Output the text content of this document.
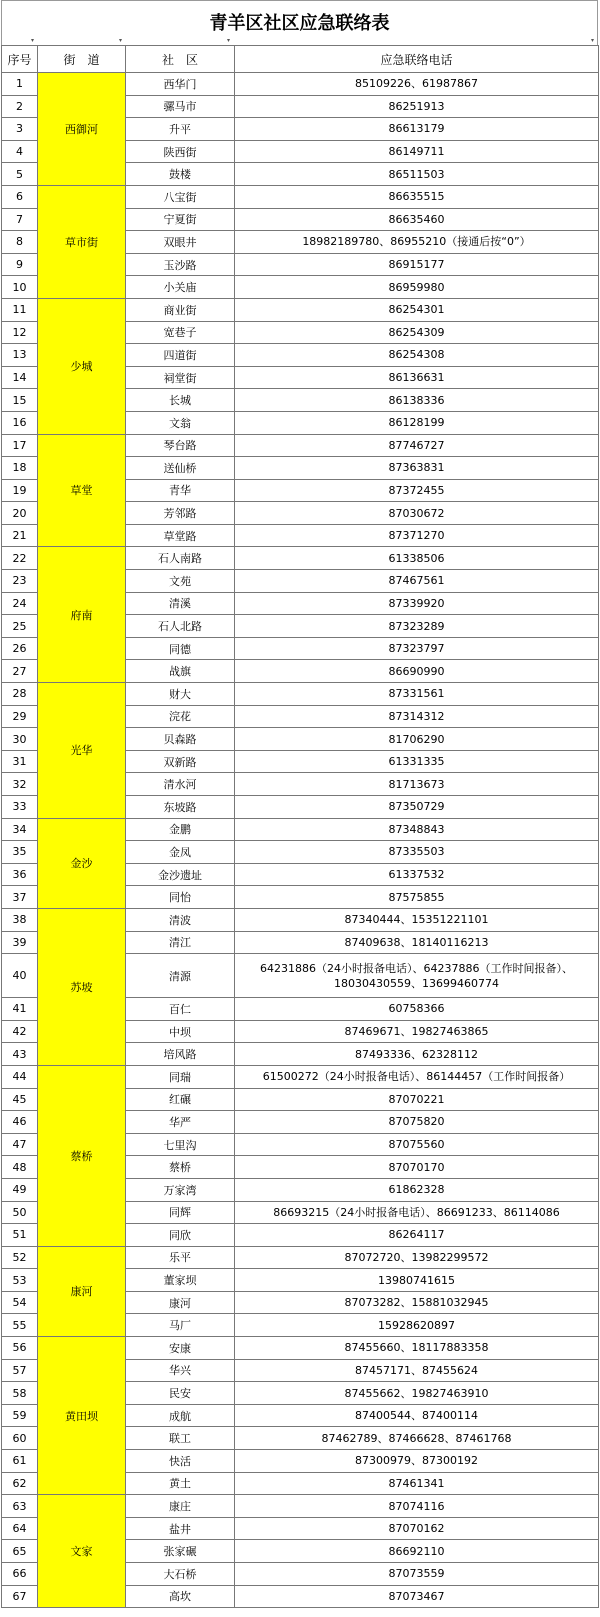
青羊区社区应急联络表
▾	▾	▾	▾
序号	街　道	社　区	应急联络电话
1	西御河	西华门	85109226、61987867
2		骡马市	86251913
3		升平	86613179
4		陕西街	86149711
5		鼓楼	86511503
6	草市街	八宝街	86635515
7		宁夏街	86635460
8		双眼井	18982189780、86955210（接通后按“0”）
9		玉沙路	86915177
10		小关庙	86959980
11	少城	商业街	86254301
12		宽巷子	86254309
13		四道街	86254308
14		祠堂街	86136631
15		长城	86138336
16		文翁	86128199
17	草堂	琴台路	87746727
18		送仙桥	87363831
19		青华	87372455
20		芳邻路	87030672
21		草堂路	87371270
22	府南	石人南路	61338506
23		文苑	87467561
24		清溪	87339920
25		石人北路	87323289
26		同德	87323797
27		战旗	86690990
28	光华	财大	87331561
29		浣花	87314312
30		贝森路	81706290
31		双新路	61331335
32		清水河	81713673
33		东坡路	87350729
34	金沙	金鹏	87348843
35		金凤	87335503
36		金沙遗址	61337532
37		同怡	87575855
38	苏坡	清波	87340444、15351221101
39		清江	87409638、18140116213
40		清源	64231886（24小时报备电话）、64237886（工作时间报备）、18030430559、13699460774
41		百仁	60758366
42		中坝	87469671、19827463865
43		培风路	87493336、62328112
44	蔡桥	同瑞	61500272（24小时报备电话）、86144457（工作时间报备）
45		红碾	87070221
46		华严	87075820
47		七里沟	87075560
48		蔡桥	87070170
49		万家湾	61862328
50		同辉	86693215（24小时报备电话）、86691233、86114086
51		同欣	86264117
52	康河	乐平	87072720、13982299572
53		董家坝	13980741615
54		康河	87073282、15881032945
55		马厂	15928620897
56	黄田坝	安康	87455660、18117883358
57		华兴	87457171、87455624
58		民安	87455662、19827463910
59		成航	87400544、87400114
60		联工	87462789、87466628、87461768
61		快活	87300979、87300192
62		黄土	87461341
63	文家	康庄	87074116
64		盐井	87070162
65		张家碾	86692110
66		大石桥	87073559
67		高坎	87073467
